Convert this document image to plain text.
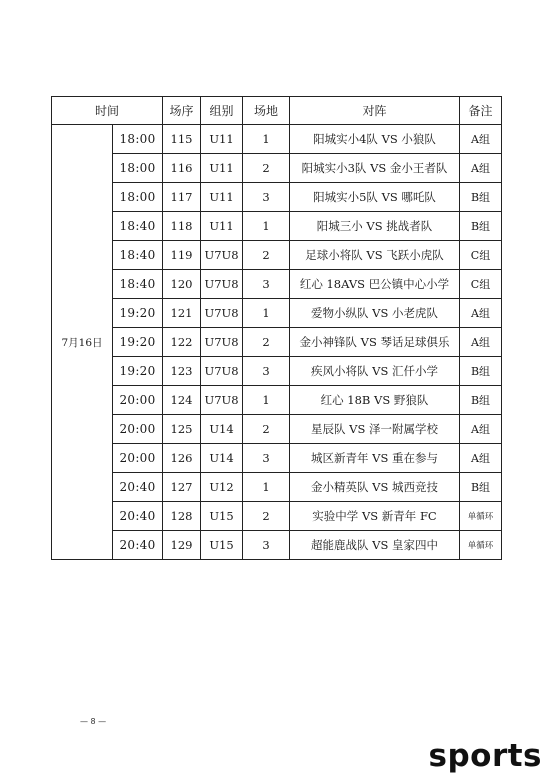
时间		场序	组别	场地	对阵	备注
7月16日	18:00	115	U11	1	阳城实小4队 VS 小狼队	A组
	18:00	116	U11	2	阳城实小3队 VS 金小王者队	A组
	18:00	117	U11	3	阳城实小5队 VS 哪吒队	B组
	18:40	118	U11	1	阳城三小 VS 挑战者队	B组
	18:40	119	U7U8	2	足球小将队 VS 飞跃小虎队	C组
	18:40	120	U7U8	3	红心 18AVS 巴公镇中心小学	C组
	19:20	121	U7U8	1	爱物小纵队 VS 小老虎队	A组
	19:20	122	U7U8	2	金小神锋队 VS 琴话足球俱乐	A组
	19:20	123	U7U8	3	疾风小将队 VS 汇仟小学	B组
	20:00	124	U7U8	1	红心 18B VS 野狼队	B组
	20:00	125	U14	2	星辰队 VS 泽一附属学校	A组
	20:00	126	U14	3	城区新青年 VS 重在参与	A组
	20:40	127	U12	1	金小精英队 VS 城西竞技	B组
	20:40	128	U15	2	实验中学 VS 新青年 FC	单循环
	20:40	129	U15	3	超能鹿战队 VS 皇家四中	单循环
— 8 —
sports
